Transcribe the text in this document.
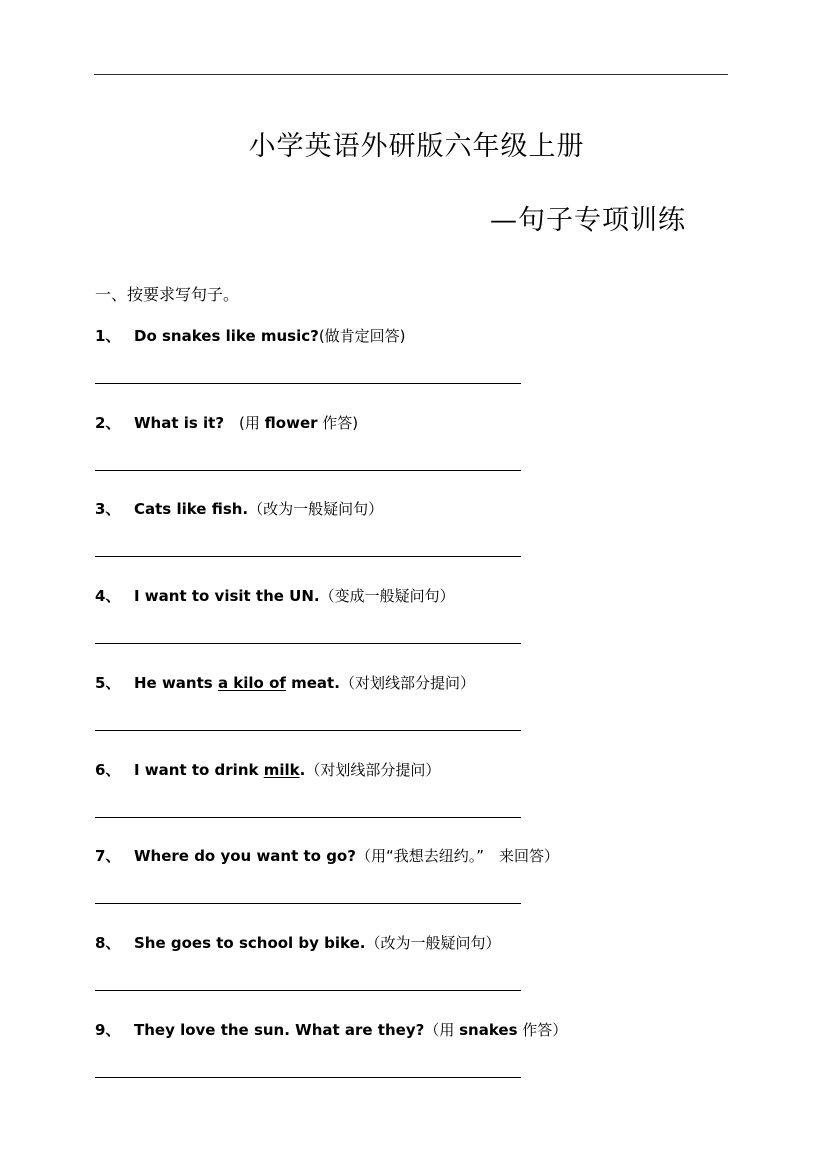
小学英语外研版六年级上册
—句子专项训练
一、按要求写句子。
1、 Do snakes like music?(做肯定回答)
2、 What is it?　(用 flower 作答)
3、 Cats like fish.（改为一般疑问句）
4、 I want to visit the UN.（变成一般疑问句）
5、 He wants a kilo of meat.（对划线部分提问）
6、 I want to drink milk.（对划线部分提问）
7、 Where do you want to go?（用“我想去纽约。”　来回答）
8、 She goes to school by bike.（改为一般疑问句）
9、 They love the sun. What are they?（用 snakes 作答）
